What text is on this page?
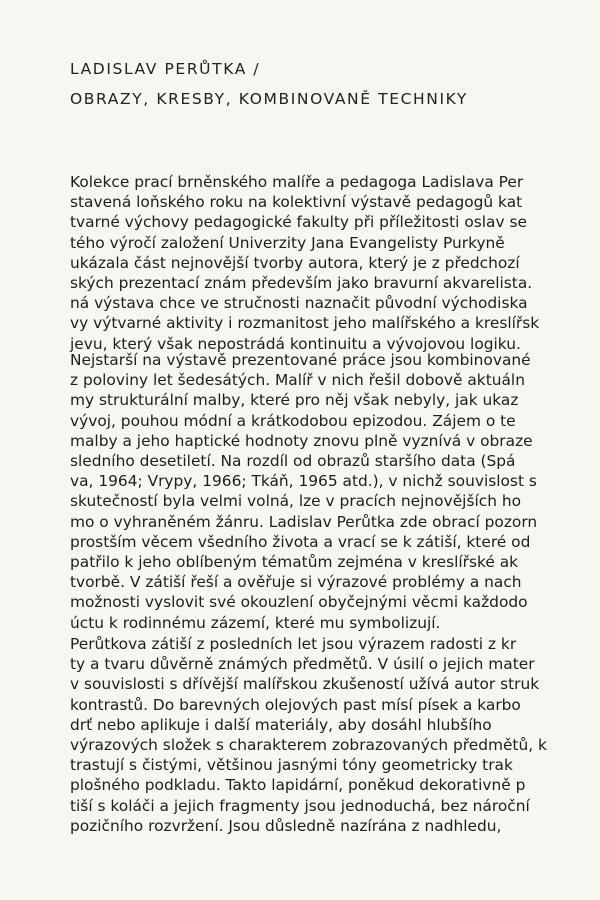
LADISLAV PERŮTKA /
OBRAZY, KRESBY, KOMBINOVANĚ TECHNIKY

Kolekce prací brněnského malíře a pedagoga Ladislava Per
stavená loňského roku na kolektivní výstavě pedagogů kat
tvarné výchovy pedagogické fakulty při příležitosti oslav se
tého výročí založení Univerzity Jana Evangelisty Purkyně
ukázala část nejnovější tvorby autora, který je z předchozí
ských prezentací znám především jako bravurní akvarelista.
ná výstava chce ve stručnosti naznačit původní východiska
vy výtvarné aktivity i rozmanitost jeho malířského a kreslířsk
jevu, který však nepostrádá kontinuitu a vývojovou logiku.

Nejstarší na výstavě prezentované práce jsou kombinované
z poloviny let šedesátých. Malíř v nich řešil dobově aktuáln
my strukturální malby, které pro něj však nebyly, jak ukaz
vývoj, pouhou módní a krátkodobou epizodou. Zájem o te
malby a jeho haptické hodnoty znovu plně vyznívá v obraze
sledního desetiletí. Na rozdíl od obrazů staršího data (Spá
va, 1964; Vrypy, 1966; Tkáň, 1965 atd.), v nichž souvislost s
skutečností byla velmi volná, lze v pracích nejnovějších ho
mo o vyhraněném žánru. Ladislav Perůtka zde obrací pozorn
prostším věcem všedního života a vrací se k zátiší, které od
patřilo k jeho oblíbeným tématům zejména v kreslířské ak
tvorbě. V zátiší řeší a ověřuje si výrazové problémy a nach
možnosti vyslovit své okouzlení obyčejnými věcmi každodo
úctu k rodinnému zázemí, které mu symbolizují.

Perůtkova zátiší z posledních let jsou výrazem radosti z kr
ty a tvaru důvěrně známých předmětů. V úsilí o jejich mater
v souvislosti s dřívější malířskou zkušeností užívá autor struk
kontrastů. Do barevných olejových past mísí písek a karbo
drť nebo aplikuje i další materiály, aby dosáhl hlubšího
výrazových složek s charakterem zobrazovaných předmětů, k
trastují s čistými, většinou jasnými tóny geometricky trak
plošného podkladu. Takto lapidární, poněkud dekorativně p
tiší s koláči a jejich fragmenty jsou jednoduchá, bez nároční
pozičního rozvržení. Jsou důsledně nazírána z nadhledu,
